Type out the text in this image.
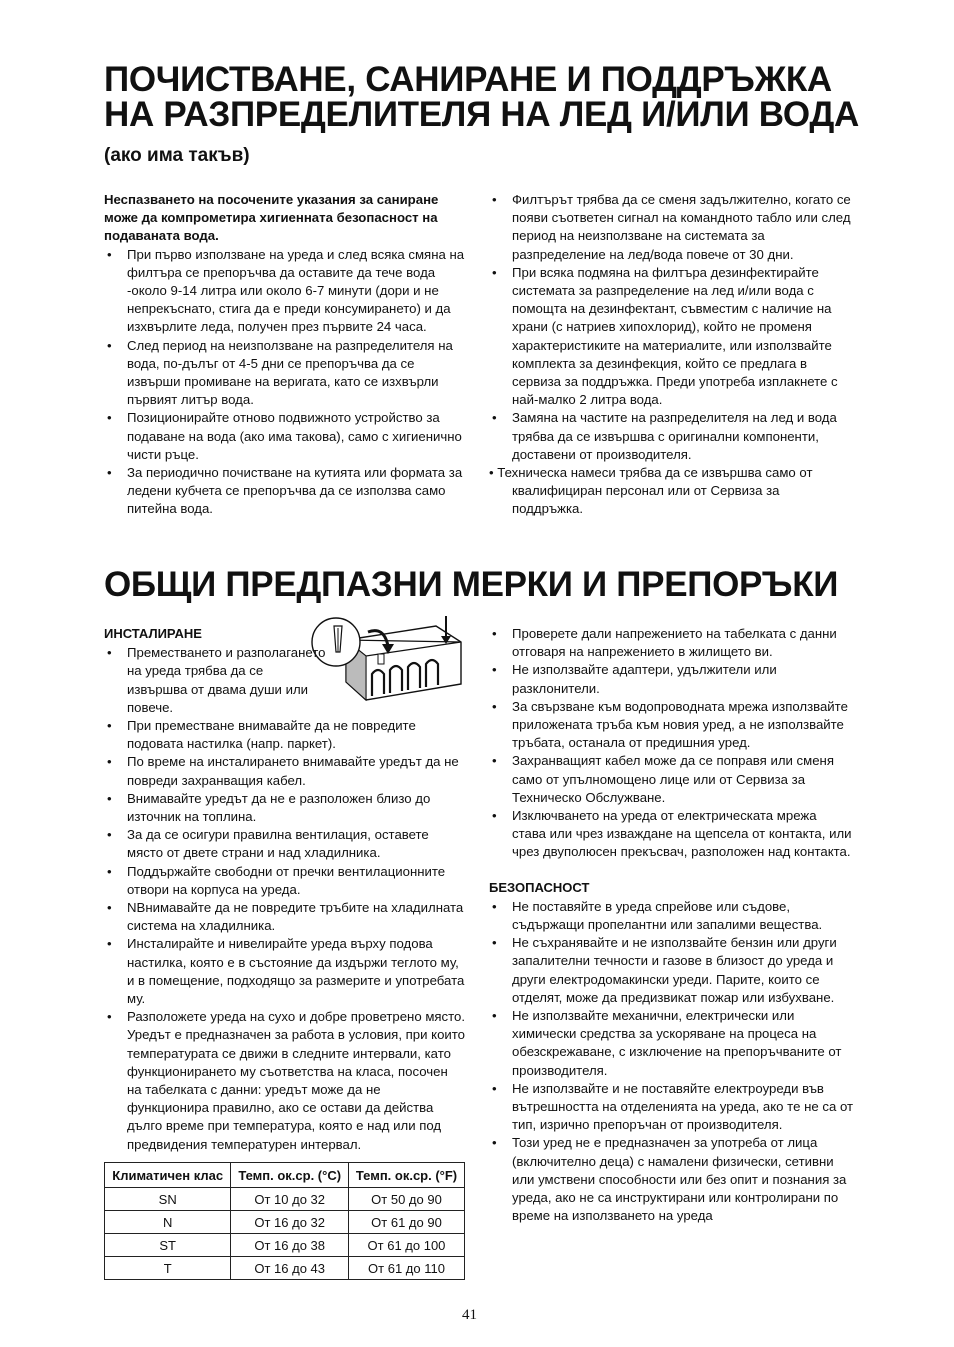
ПОЧИСТВАНЕ, САНИРАНЕ И ПОДДРЪЖКА НА РАЗПРЕДЕЛИТЕЛЯ НА ЛЕД И/ИЛИ ВОДА (ако има такъв)

Неспазването на посочените указания за саниране може да компрометира хигиенната безопасност на подаваната вода.

• При първо използване на уреда и след всяка смяна на филтъра се препоръчва да оставите да тече вода -около 9-14 литра или около 6-7 минути (дори и не непрекъснато, стига да е преди консумирането) и да изхвърлите леда, получен през първите 24 часа.
• След период на неизползване на разпределителя на вода, по-дълъг от 4-5 дни се препоръчва да се извърши промиване на веригата, като се изхвърли първият литър вода.
• Позиционирайте отново подвижното устройство за подаване на вода (ако има такова), само с хигиенично чисти ръце.
• За периодично почистване на кутията или формата за ледени кубчета се препоръчва да се използва само питейна вода.
• Филтърът трябва да се сменя задължително, когато се появи съответен сигнал на командното табло или след период на неизползване на системата за разпределение на лед/вода повече от 30 дни.
• При всяка подмяна на филтъра дезинфектирайте системата за разпределение на лед и/или вода с помощта на дезинфектант, съвместим с наличие на храни (с натриев хипохлорид), който не променя характеристиките на материалите, или използвайте комплекта за дезинфекция, който се предлага в сервиза за поддръжка. Преди употреба изплакнете с най-малко 2 литра вода.
• Замяна на частите на разпределителя на лед и вода трябва да се извършва с оригинални компоненти, доставени от производителя.
• Техническа намеси трябва да се извършва само от квалифициран персонал или от Сервиза за поддръжка.
ОБЩИ ПРЕДПАЗНИ МЕРКИ И ПРЕПОРЪКИ
ИНСТАЛИРАНЕ
• Преместването и разполагането на уреда трябва да се извършва от двама души или повече.
• При преместване внимавайте да не повредите подовата настилка (напр. паркет).
• По време на инсталирането внимавайте уредът да не повреди захранващия кабел.
• Внимавайте уредът да не е разположен близо до източник на топлина.
• За да се осигури правилна вентилация, оставете място от двете страни и над хладилника.
• Поддържайте свободни от пречки вентилационните отвори на корпуса на уреда.
• NВнимавайте да не повредите тръбите на хладилната система на хладилника.
• Инсталирайте и нивелирайте уреда върху подова настилка, която е в състояние да издържи теглото му, и в помещение, подходящо за размерите и употребата му.
• Разположете уреда на сухо и добре проветрено място. Уредът е предназначен за работа в условия, при които температурата се движи в следните интервали, като функционирането му съответства на класа, посочен на табелката с данни: уредът може да не функционира правилно, ако се остави да действа дълго време при температура, която е над или под предвидения температурен интервал.
Климатичен клас	Темп. ок.ср. (°C)	Темп. ок.ср. (°F)
SN	От 10 до 32	От 50 до 90
N	От 16 до 32	От 61 до 90
ST	От 16 до 38	От 61 до 100
T	От 16 до 43	От 61 до 110
• Проверете дали напрежението на табелката с данни отговаря на напрежението в жилището ви.
• Не използвайте адаптери, удължители или разклонители.
• За свързване към водопроводната мрежа използвайте приложената тръба към новия уред, а не използвайте тръбата, останала от предишния уред.
• Захранващият кабел може да се поправя или сменя само от упълномощено лице или от Сервиза за Техническо Обслужване.
• Изключването на уреда от електрическата мрежа става или чрез изваждане на щепсела от контакта, или чрез двуполюсен прекъсвач, разположен над контакта.
БЕЗОПАСНОСТ
• Не поставяйте в уреда спрейове или съдове, съдържащи пропелантни или запалими вещества.
• Не съхранявайте и не използвайте бензин или други запалителни течности и газове в близост до уреда и други електродомакински уреди. Парите, които се отделят, може да предизвикат пожар или избухване.
• Не използвайте механични, електрически или химически средства за ускоряване на процеса на обезскрежаване, с изключение на препоръчваните от производителя.
• Не използвайте и не поставяйте електроуреди във вътрешността на отделенията на уреда, ако те не са от тип, изрично препоръчан от производителя.
• Този уред не е предназначен за употреба от лица (включително деца) с намалени физически, сетивни или умствени способности или без опит и познания за уреда, ако не са инструктирани или контролирани по време на използването на уреда
41
